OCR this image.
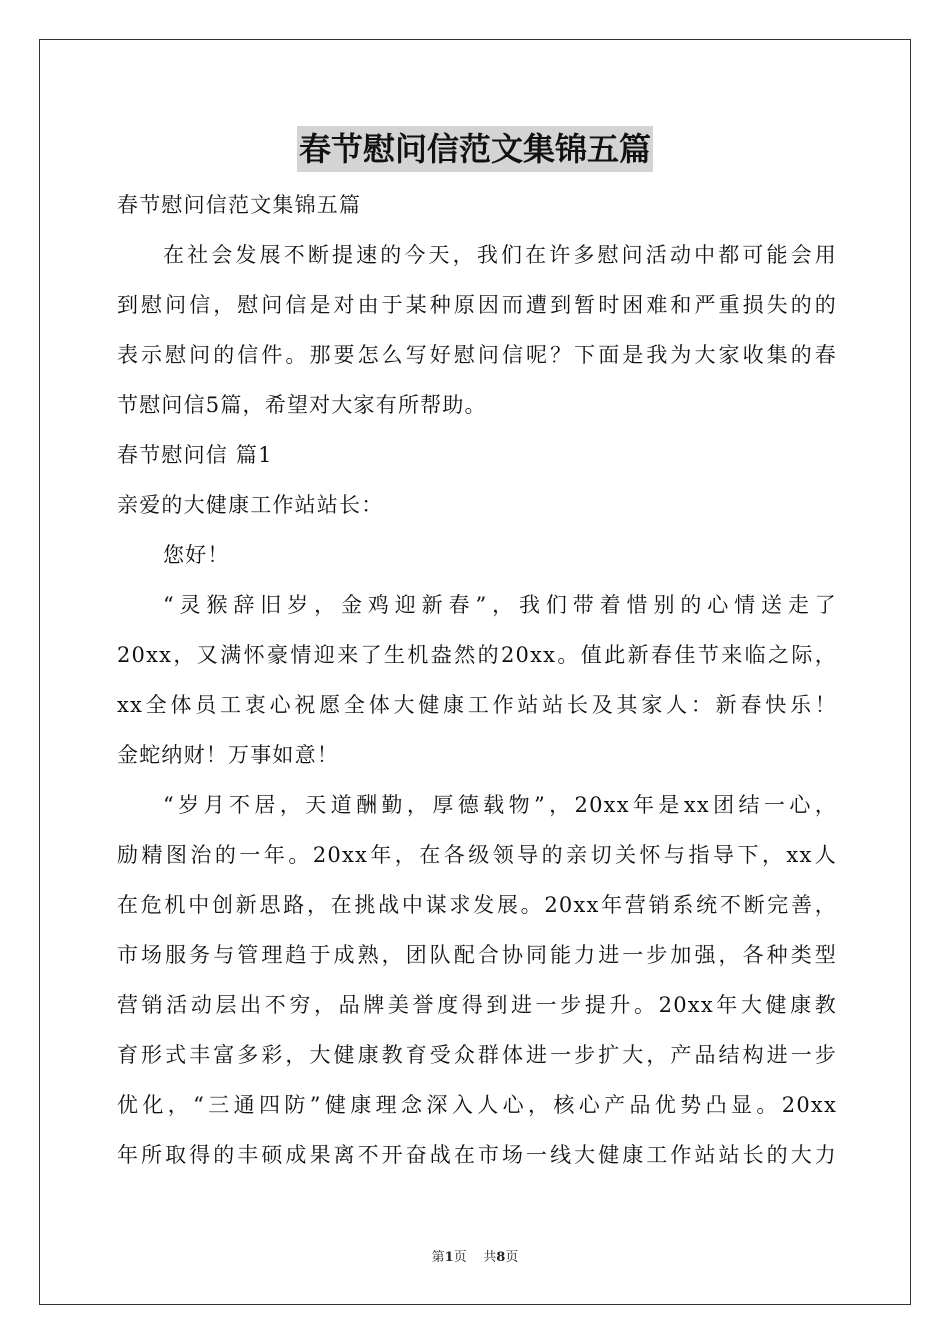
春节慰问信范文集锦五篇
春节慰问信范文集锦五篇
在社会发展不断提速的今天，我们在许多慰问活动中都可能会用
到慰问信，慰问信是对由于某种原因而遭到暂时困难和严重损失的的
表示慰问的信件。那要怎么写好慰问信呢？下面是我为大家收集的春
节慰问信5篇，希望对大家有所帮助。
春节慰问信 篇1
亲爱的大健康工作站站长：
您好！
“灵猴辞旧岁，金鸡迎新春”，我们带着惜别的心情送走了
20xx，又满怀豪情迎来了生机盎然的20xx。值此新春佳节来临之际，
xx全体员工衷心祝愿全体大健康工作站站长及其家人：新春快乐！
金蛇纳财！万事如意！
“岁月不居，天道酬勤，厚德载物”，20xx年是xx团结一心，
励精图治的一年。20xx年，在各级领导的亲切关怀与指导下，xx人
在危机中创新思路，在挑战中谋求发展。20xx年营销系统不断完善，
市场服务与管理趋于成熟，团队配合协同能力进一步加强，各种类型
营销活动层出不穷，品牌美誉度得到进一步提升。20xx年大健康教
育形式丰富多彩，大健康教育受众群体进一步扩大，产品结构进一步
优化，“三通四防”健康理念深入人心，核心产品优势凸显。20xx
年所取得的丰硕成果离不开奋战在市场一线大健康工作站站长的大力
第1页 共8页
